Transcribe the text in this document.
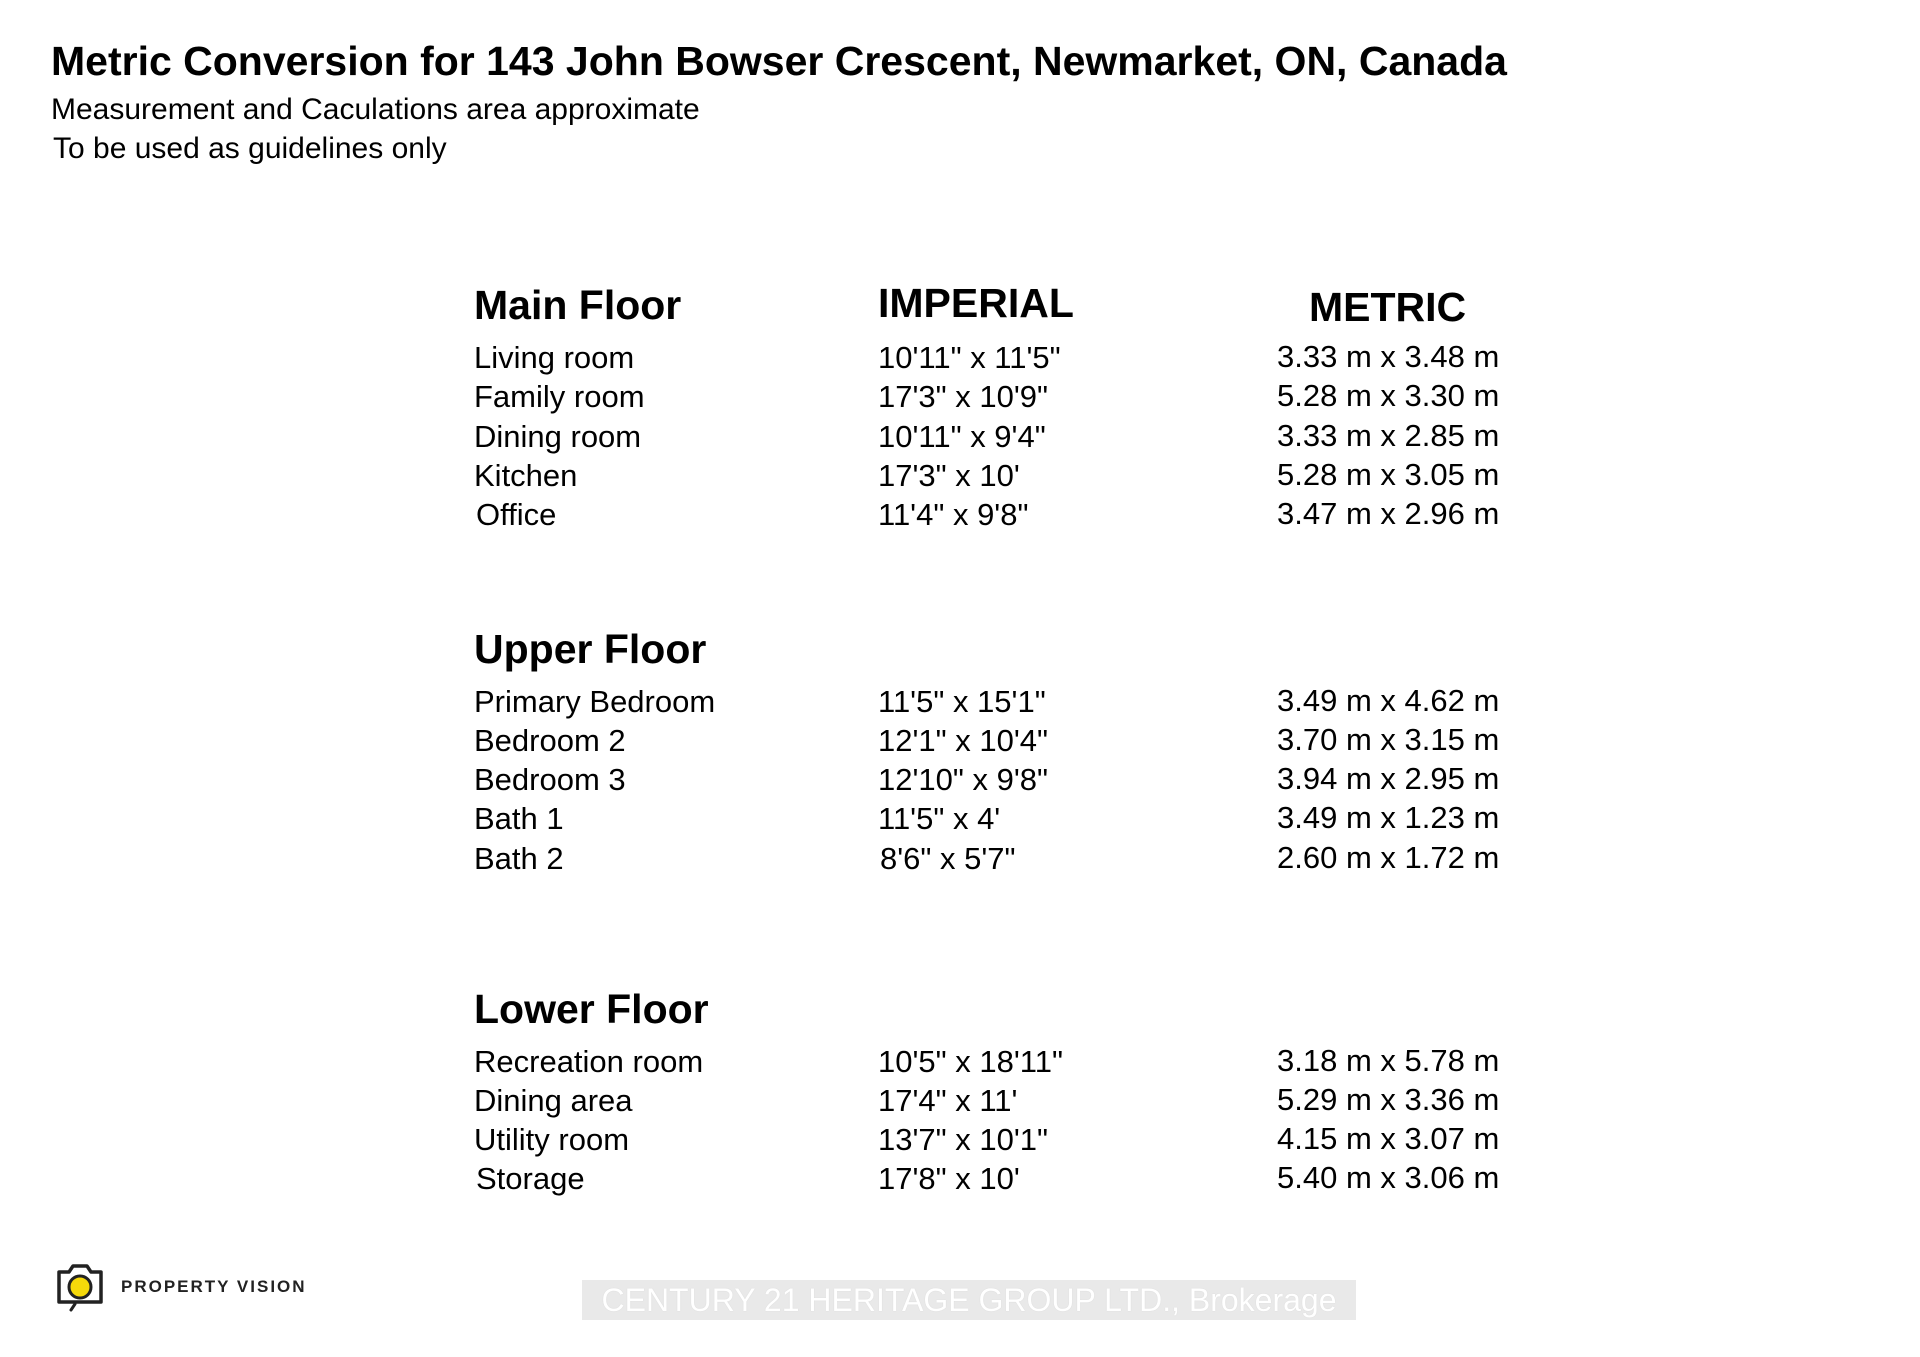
Metric Conversion for 143 John Bowser Crescent, Newmarket, ON, Canada
Measurement and Caculations area approximate
To be used as guidelines only
Main Floor	IMPERIAL	METRIC
Living room	10'11" x 11'5"	3.33 m x 3.48 m
Family room	17'3" x 10'9"	5.28 m x 3.30 m
Dining room	10'11" x 9'4"	3.33 m x 2.85 m
Kitchen	17'3" x 10'	5.28 m x 3.05 m
Office	11'4" x 9'8"	3.47 m x 2.96 m
Upper Floor
Primary Bedroom	11'5" x 15'1"	3.49 m x 4.62 m
Bedroom 2	12'1" x 10'4"	3.70 m x 3.15 m
Bedroom 3	12'10" x 9'8"	3.94 m x 2.95 m
Bath 1	11'5" x 4'	3.49 m x 1.23 m
Bath 2	8'6" x 5'7"	2.60 m x 1.72 m
Lower Floor
Recreation room	10'5" x 18'11"	3.18 m x 5.78 m
Dining area	17'4" x 11'	5.29 m x 3.36 m
Utility room	13'7" x 10'1"	4.15 m x 3.07 m
Storage	17'8" x 10'	5.40 m x 3.06 m
PROPERTY VISION	CENTURY 21 HERITAGE GROUP LTD., Brokerage
